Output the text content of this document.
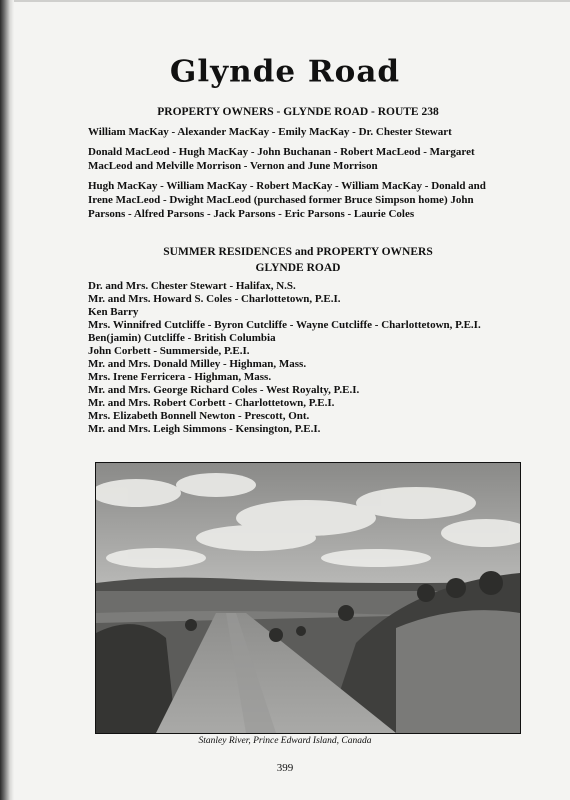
Glynde Road

PROPERTY OWNERS - GLYNDE ROAD - ROUTE 238

William MacKay - Alexander MacKay - Emily MacKay - Dr. Chester Stewart

Donald MacLeod - Hugh MacKay - John Buchanan - Robert MacLeod - Margaret MacLeod and Melville Morrison - Vernon and June Morrison

Hugh MacKay - William MacKay - Robert MacKay - William MacKay - Donald and Irene MacLeod - Dwight MacLeod (purchased former Bruce Simpson home) John Parsons - Alfred Parsons - Jack Parsons - Eric Parsons - Laurie Coles

SUMMER RESIDENCES and PROPERTY OWNERS

GLYNDE ROAD

Dr. and Mrs. Chester Stewart - Halifax, N.S.
Mr. and Mrs. Howard S. Coles - Charlottetown, P.E.I.
Ken Barry
Mrs. Winnifred Cutcliffe - Byron Cutcliffe - Wayne Cutcliffe - Charlottetown, P.E.I.
Ben(jamin) Cutcliffe - British Columbia
John Corbett - Summerside, P.E.I.
Mr. and Mrs. Donald Milley - Highman, Mass.
Mrs. Irene Ferricera - Highman, Mass.
Mr. and Mrs. George Richard Coles - West Royalty, P.E.I.
Mr. and Mrs. Robert Corbett - Charlottetown, P.E.I.
Mrs. Elizabeth Bonnell Newton - Prescott, Ont.
Mr. and Mrs. Leigh Simmons - Kensington, P.E.I.
Stanley River, Prince Edward Island, Canada
399
